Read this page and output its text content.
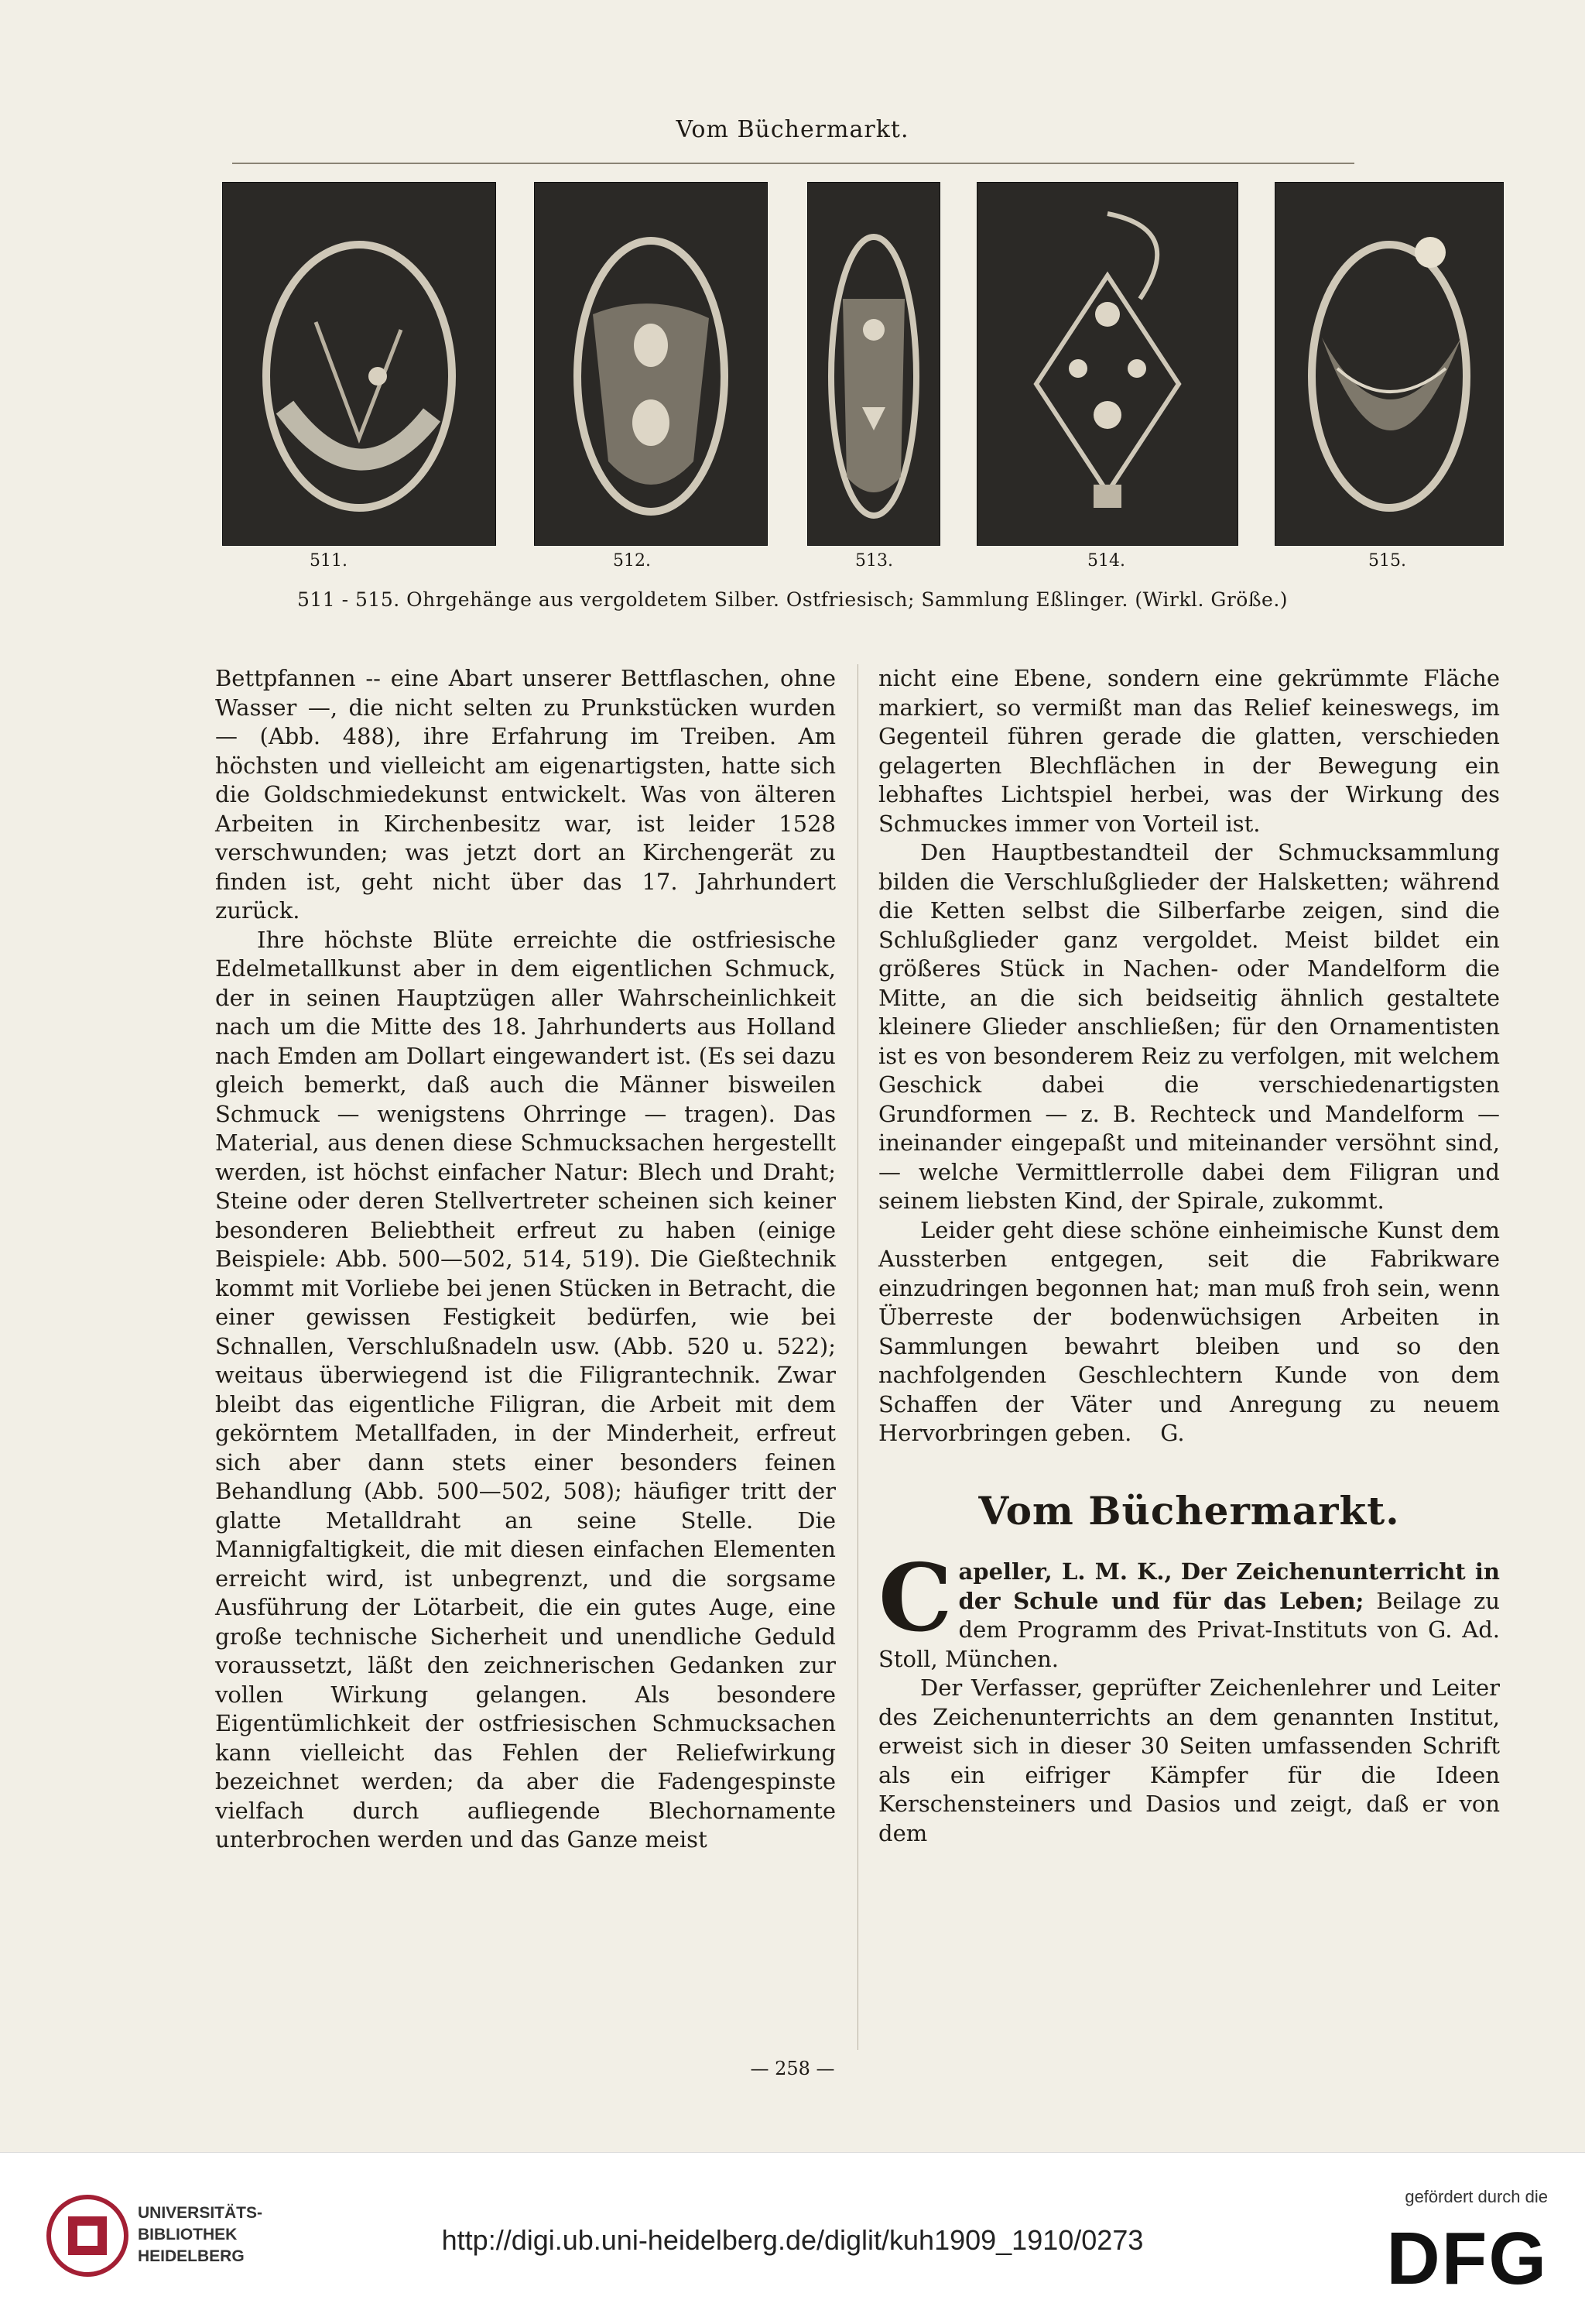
Vom Büchermarkt.
511.	512.	513.	514.	515.
511 - 515. Ohrgehänge aus vergoldetem Silber. Ostfriesisch; Sammlung Eßlinger. (Wirkl. Größe.)

Bettpfannen -- eine Abart unserer Bettflaschen, ohne Wasser —, die nicht selten zu Prunkstücken wurden — (Abb. 488), ihre Erfahrung im Treiben. Am höchsten und vielleicht am eigenartigsten, hatte sich die Goldschmiedekunst entwickelt. Was von älteren Arbeiten in Kirchenbesitz war, ist leider 1528 verschwunden; was jetzt dort an Kirchengerät zu finden ist, geht nicht über das 17. Jahrhundert zurück.

Ihre höchste Blüte erreichte die ostfriesische Edelmetallkunst aber in dem eigentlichen Schmuck, der in seinen Hauptzügen aller Wahrscheinlichkeit nach um die Mitte des 18. Jahrhunderts aus Holland nach Emden am Dollart eingewandert ist. (Es sei dazu gleich bemerkt, daß auch die Männer bisweilen Schmuck — wenigstens Ohrringe — tragen). Das Material, aus denen diese Schmucksachen hergestellt werden, ist höchst einfacher Natur: Blech und Draht; Steine oder deren Stellvertreter scheinen sich keiner besonderen Beliebtheit erfreut zu haben (einige Beispiele: Abb. 500—502, 514, 519). Die Gießtechnik kommt mit Vorliebe bei jenen Stücken in Betracht, die einer gewissen Festigkeit bedürfen, wie bei Schnallen, Verschlußnadeln usw. (Abb. 520 u. 522); weitaus überwiegend ist die Filigrantechnik. Zwar bleibt das eigentliche Filigran, die Arbeit mit dem gekörntem Metallfaden, in der Minderheit, erfreut sich aber dann stets einer besonders feinen Behandlung (Abb. 500—502, 508); häufiger tritt der glatte Metalldraht an seine Stelle. Die Mannigfaltigkeit, die mit diesen einfachen Elementen erreicht wird, ist unbegrenzt, und die sorgsame Ausführung der Lötarbeit, die ein gutes Auge, eine große technische Sicherheit und unendliche Geduld voraussetzt, läßt den zeichnerischen Gedanken zur vollen Wirkung gelangen. Als besondere Eigentümlichkeit der ostfriesischen Schmucksachen kann vielleicht das Fehlen der Reliefwirkung bezeichnet werden; da aber die Fadengespinste vielfach durch aufliegende Blechornamente unterbrochen werden und das Ganze meist

nicht eine Ebene, sondern eine gekrümmte Fläche markiert, so vermißt man das Relief keineswegs, im Gegenteil führen gerade die glatten, verschieden gelagerten Blechflächen in der Bewegung ein lebhaftes Lichtspiel herbei, was der Wirkung des Schmuckes immer von Vorteil ist.

Den Hauptbestandteil der Schmucksammlung bilden die Verschlußglieder der Halsketten; während die Ketten selbst die Silberfarbe zeigen, sind die Schlußglieder ganz vergoldet. Meist bildet ein größeres Stück in Nachen- oder Mandelform die Mitte, an die sich beidseitig ähnlich gestaltete kleinere Glieder anschließen; für den Ornamentisten ist es von besonderem Reiz zu verfolgen, mit welchem Geschick dabei die verschiedenartigsten Grundformen — z. B. Rechteck und Mandelform — ineinander eingepaßt und miteinander versöhnt sind, — welche Vermittlerrolle dabei dem Filigran und seinem liebsten Kind, der Spirale, zukommt.

Leider geht diese schöne einheimische Kunst dem Aussterben entgegen, seit die Fabrikware einzudringen begonnen hat; man muß froh sein, wenn Überreste der bodenwüchsigen Arbeiten in Sammlungen bewahrt bleiben und so den nachfolgenden Geschlechtern Kunde von dem Schaffen der Väter und Anregung zu neuem Hervorbringen geben. G.

Vom Büchermarkt.

Capeller, L. M. K., Der Zeichenunterricht in der Schule und für das Leben; Beilage zu dem Programm des Privat-Instituts von G. Ad. Stoll, München.

Der Verfasser, geprüfter Zeichenlehrer und Leiter des Zeichenunterrichts an dem genannten Institut, erweist sich in dieser 30 Seiten umfassenden Schrift als ein eifriger Kämpfer für die Ideen Kerschensteiners und Dasios und zeigt, daß er von dem

— 258 —
UNIVERSITÄTS-
BIBLIOTHEK
HEIDELBERG
http://digi.ub.uni-heidelberg.de/diglit/kuh1909_1910/0273
gefördert durch die
DFG
